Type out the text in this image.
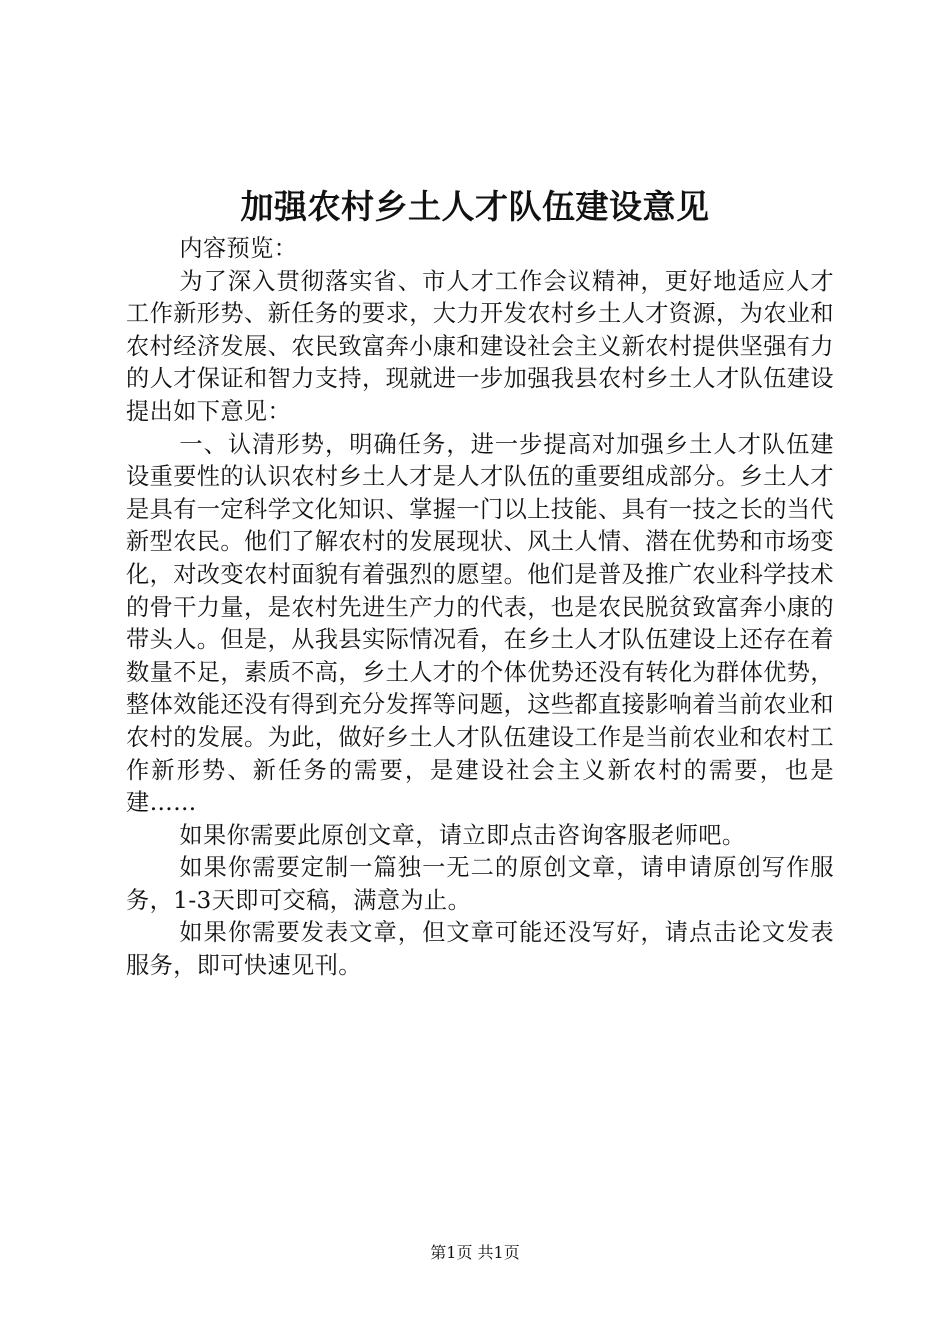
加强农村乡土人才队伍建设意见

内容预览：

为了深入贯彻落实省、市人才工作会议精神，更好地适应人才工作新形势、新任务的要求，大力开发农村乡土人才资源，为农业和农村经济发展、农民致富奔小康和建设社会主义新农村提供坚强有力的人才保证和智力支持，现就进一步加强我县农村乡土人才队伍建设提出如下意见：

一、认清形势，明确任务，进一步提高对加强乡土人才队伍建设重要性的认识农村乡土人才是人才队伍的重要组成部分。乡土人才是具有一定科学文化知识、掌握一门以上技能、具有一技之长的当代新型农民。他们了解农村的发展现状、风土人情、潜在优势和市场变化，对改变农村面貌有着强烈的愿望。他们是普及推广农业科学技术的骨干力量，是农村先进生产力的代表，也是农民脱贫致富奔小康的带头人。但是，从我县实际情况看，在乡土人才队伍建设上还存在着数量不足，素质不高，乡土人才的个体优势还没有转化为群体优势，整体效能还没有得到充分发挥等问题，这些都直接影响着当前农业和农村的发展。为此，做好乡土人才队伍建设工作是当前农业和农村工作新形势、新任务的需要，是建设社会主义新农村的需要，也是建……

如果你需要此原创文章，请立即点击咨询客服老师吧。

如果你需要定制一篇独一无二的原创文章，请申请原创写作服务，1-3天即可交稿，满意为止。

如果你需要发表文章，但文章可能还没写好，请点击论文发表服务，即可快速见刊。

第1页 共1页
